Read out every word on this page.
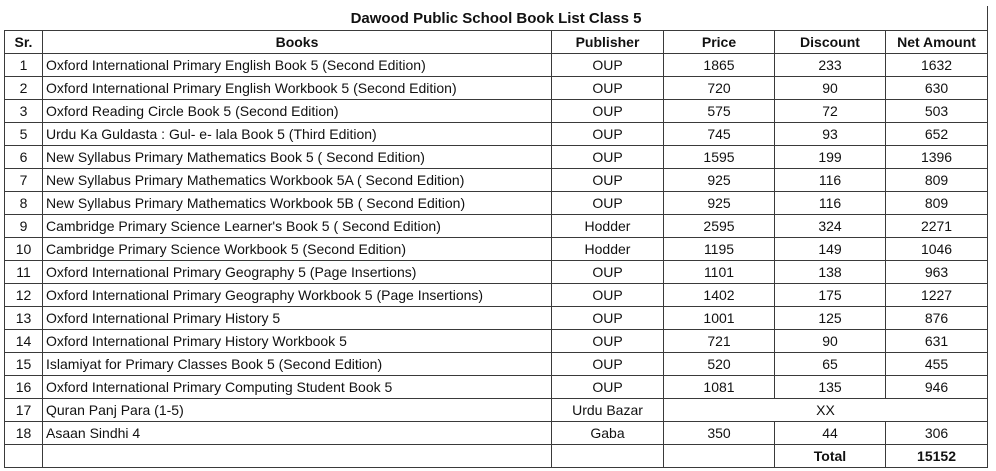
Dawood Public School Book List Class 5					
Sr.	Books	Publisher	Price	Discount	Net Amount
1	Oxford International Primary English Book 5 (Second Edition)	OUP	1865	233	1632
2	Oxford International Primary English Workbook 5 (Second Edition)	OUP	720	90	630
3	Oxford Reading Circle Book 5 (Second Edition)	OUP	575	72	503
5	Urdu Ka Guldasta : Gul- e- lala Book 5 (Third Edition)	OUP	745	93	652
6	New Syllabus Primary Mathematics Book 5 ( Second Edition)	OUP	1595	199	1396
7	New Syllabus Primary Mathematics Workbook 5A ( Second Edition)	OUP	925	116	809
8	New Syllabus Primary Mathematics Workbook 5B ( Second Edition)	OUP	925	116	809
9	Cambridge Primary Science Learner's Book 5 ( Second Edition)	Hodder	2595	324	2271
10	Cambridge Primary Science Workbook 5 (Second Edition)	Hodder	1195	149	1046
11	Oxford International Primary Geography 5 (Page Insertions)	OUP	1101	138	963
12	Oxford International Primary Geography Workbook 5 (Page Insertions)	OUP	1402	175	1227
13	Oxford International Primary History 5	OUP	1001	125	876
14	Oxford International Primary History Workbook 5	OUP	721	90	631
15	Islamiyat for Primary Classes Book 5 (Second Edition)	OUP	520	65	455
16	Oxford International Primary Computing Student Book 5	OUP	1081	135	946
17	Quran Panj Para (1-5)	Urdu Bazar	XX		
18	Asaan Sindhi 4	Gaba	350	44	306
				Total	15152
